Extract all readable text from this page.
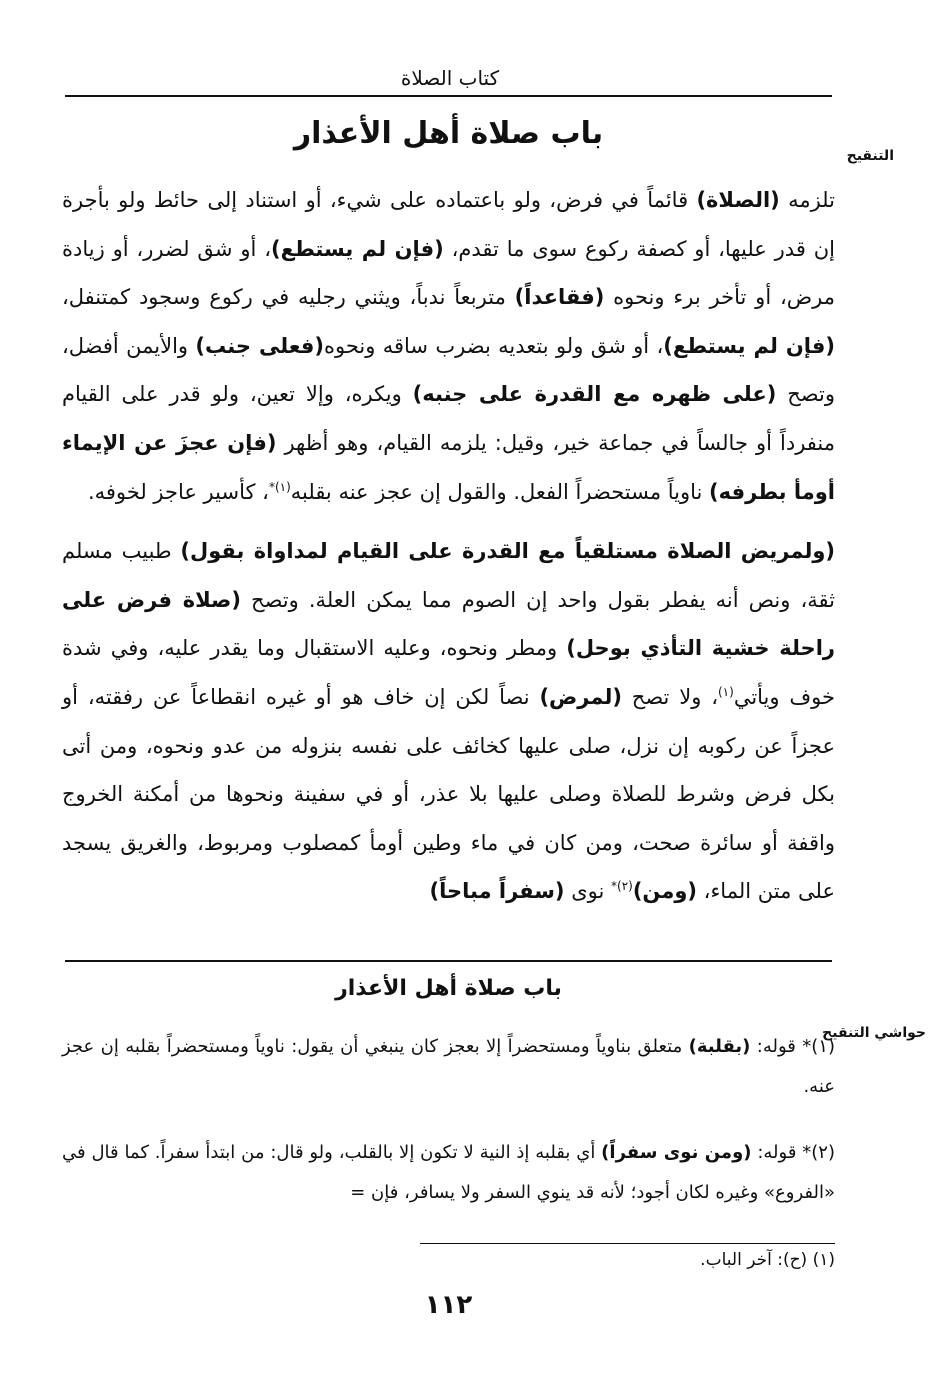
كتاب الصلاة
التنقيح
باب صلاة أهل الأعذار

تلزمه (الصلاة) قائماً في فرض، ولو باعتماده على شيء، أو استناد إلى حائط ولو بأجرة إن قدر عليها، أو كصفة ركوع سوى ما تقدم، (فإن لم يستطع)، أو شق لضرر، أو زيادة مرض، أو تأخر برء ونحوه (فقاعداً) متربعاً ندباً، ويثني رجليه في ركوع وسجود كمتنفل، (فإن لم يستطع)، أو شق ولو بتعديه بضرب ساقه ونحوه(فعلى جنب) والأيمن أفضل، وتصح (على ظهره مع القدرة على جنبه) ويكره، وإلا تعين، ولو قدر على القيام منفرداً أو جالساً في جماعة خير، وقيل: يلزمه القيام، وهو أظهر (فإن عجزَ عن الإيماء أومأ بطرفه) ناوياً مستحضراً الفعل. والقول إن عجز عنه بقلبه$^{(١)*}$، كأسير عاجز لخوفه.

(ولمريض الصلاة مستلقياً مع القدرة على القيام لمداواة بقول) طبيب مسلم ثقة، ونص أنه يفطر بقول واحد إن الصوم مما يمكن العلة. وتصح (صلاة فرض على راحلة خشية التأذي بوحل) ومطر ونحوه، وعليه الاستقبال وما يقدر عليه، وفي شدة خوف ويأتي$^{(١)}$، ولا تصح (لمرض) نصاً لكن إن خاف هو أو غيره انقطاعاً عن رفقته، أو عجزاً عن ركوبه إن نزل، صلى عليها كخائف على نفسه بنزوله من عدو ونحوه، ومن أتى بكل فرض وشرط للصلاة وصلى عليها بلا عذر، أو في سفينة ونحوها من أمكنة الخروج واقفة أو سائرة صحت، ومن كان في ماء وطين أومأ كمصلوب ومربوط، والغريق يسجد على متن الماء، (ومن)$^{(٢)*}$ نوى (سفراً مباحاً)

باب صلاة أهل الأعذار
حواشي التنقيح
(١)* قوله: (بقلبة) متعلق بناوياً ومستحضراً إلا بعجز كان ينبغي أن يقول: ناوياً ومستحضراً بقلبه إن عجز عنه.
(٢)* قوله: (ومن نوى سفراً) أي بقلبه إذ النية لا تكون إلا بالقلب، ولو قال: من ابتدأ سفراً. كما قال في «الفروع» وغيره لكان أجود؛ لأنه قد ينوي السفر ولا يسافر، فإن =
(١) (ح): آخر الباب.
١١٢
